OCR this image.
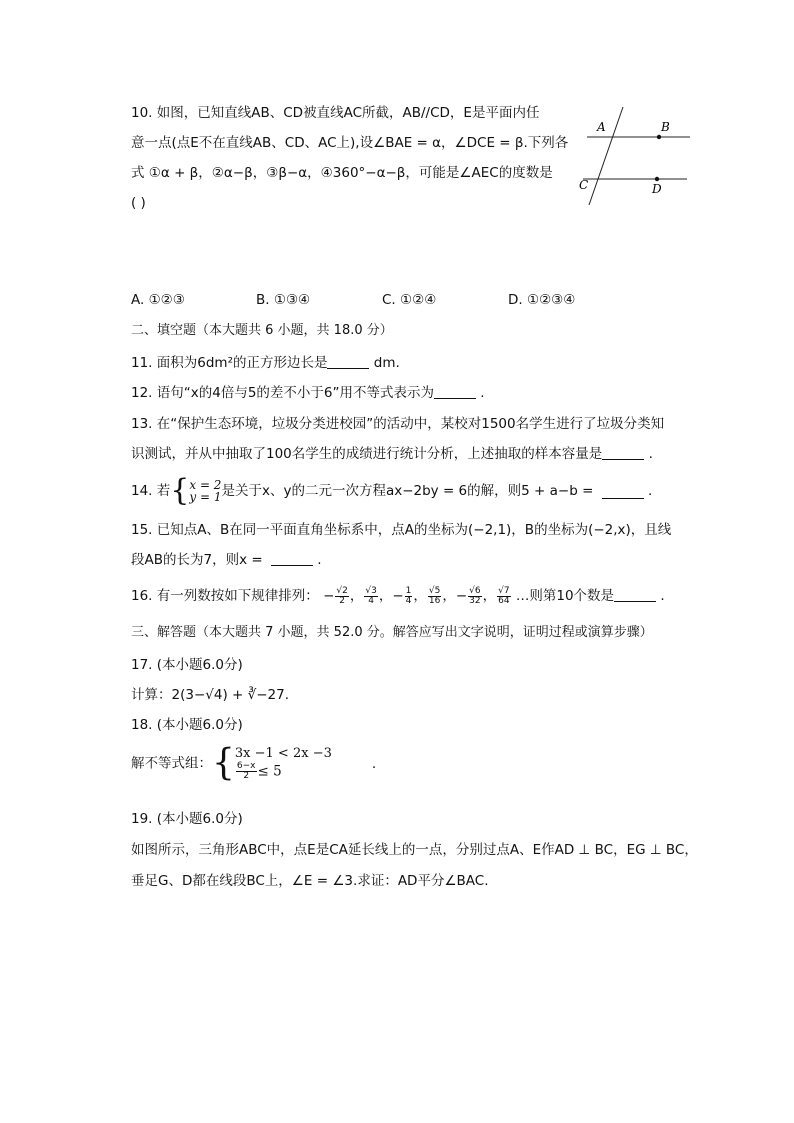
10. 如图，已知直线AB、CD被直线AC所截，AB//CD，E是平面内任
意一点(点E不在直线AB、CD、AC上),设∠BAE = α，∠DCE = β.下列各
式 ①α + β，②α−β，③β−α，④360°−α−β，可能是∠AEC的度数是
( )
A	B
C	D
A. ①②③	B. ①③④	C. ①②④	D. ①②③④
二、填空题（本大题共 6 小题，共 18.0 分）
11. 面积为6dm²的正方形边长是	dm.
12. 语句“x的4倍与5的差不小于6”用不等式表示为	.
13. 在“保护生态环境，垃圾分类进校园”的活动中，某校对1500名学生进行了垃圾分类知
识测试，并从中抽取了100名学生的成绩进行统计分析，上述抽取的样本容量是	.
14. 若{ x = 2
y = 1 是关于x、y的二元一次方程ax−2by = 6的解，则5 + a−b =	.
15. 已知点A、B在同一平面直角坐标系中，点A的坐标为(−2,1)，B的坐标为(−2,x)，且线
段AB的长为7，则x =	.
16. 有一列数按如下规律排列： − $\frac{√2}{2}$ ， $\frac{√3}{4}$ ，− $\frac{1}{4}$ ， $\frac{√5}{16}$ ，− $\frac{√6}{32}$ ， $\frac{√7}{64}$ …则第10个数是	.
三、解答题（本大题共 7 小题，共 52.0 分。解答应写出文字说明，证明过程或演算步骤）
17. (本小题6.0分)
计算：2(3−√4) + ∛−27.
18. (本小题6.0分)
解不等式组：{ 3x −1 < 2x −3
$\frac{6-x}{2} \le 5$	.
19. (本小题6.0分)
如图所示，三角形ABC中，点E是CA延长线上的一点，分别过点A、E作AD ⊥ BC，EG ⊥ BC，
垂足G、D都在线段BC上，∠E = ∠3.求证：AD平分∠BAC.
